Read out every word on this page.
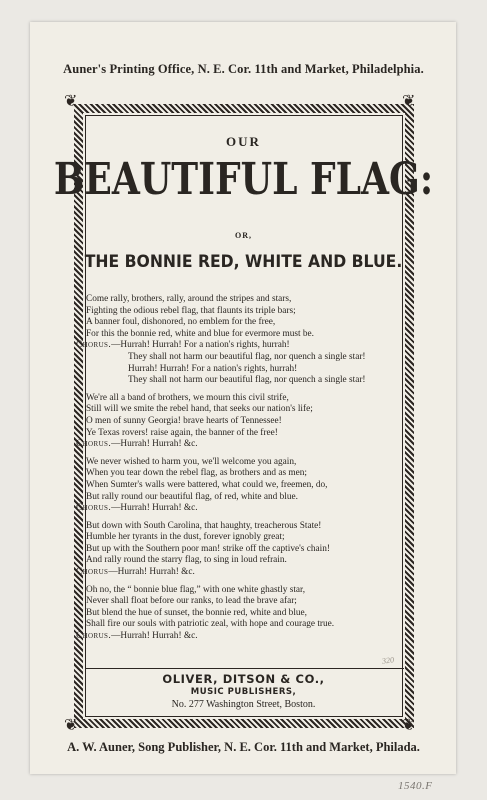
Auner's Printing Office, N. E. Cor. 11th and Market, Philadelphia.
❦	❦
❦	❦
OUR
BEAUTIFUL FLAG:
OR,
THE BONNIE RED, WHITE AND BLUE.
Come rally, brothers, rally, around the stripes and stars,
Fighting the odious rebel flag, that flaunts its triple bars;
A banner foul, dishonored, no emblem for the free,
For this the bonnie red, white and blue for evermore must be.
Chorus.—Hurrah! Hurrah! For a nation's rights, hurrah!
They shall not harm our beautiful flag, nor quench a single star!
Hurrah! Hurrah! For a nation's rights, hurrah!
They shall not harm our beautiful flag, nor quench a single star!
We're all a band of brothers, we mourn this civil strife,
Still will we smite the rebel hand, that seeks our nation's life;
O men of sunny Georgia! brave hearts of Tennessee!
Ye Texas rovers! raise again, the banner of the free!
Chorus.—Hurrah! Hurrah! &c.
We never wished to harm you, we'll welcome you again,
When you tear down the rebel flag, as brothers and as men;
When Sumter's walls were battered, what could we, freemen, do,
But rally round our beautiful flag, of red, white and blue.
Chorus.—Hurrah! Hurrah! &c.
But down with South Carolina, that haughty, treacherous State!
Humble her tyrants in the dust, forever ignobly great;
But up with the Southern poor man! strike off the captive's chain!
And rally round the starry flag, to sing in loud refrain.
Chorus—Hurrah! Hurrah! &c.
Oh no, the “ bonnie blue flag,” with one white ghastly star,
Never shall float before our ranks, to lead the brave afar;
But blend the hue of sunset, the bonnie red, white and blue,
Shall fire our souls with patriotic zeal, with hope and courage true.
Chorus.—Hurrah! Hurrah! &c.
320
OLIVER, DITSON & CO.,
MUSIC PUBLISHERS,
No. 277 Washington Street, Boston.
A. W. Auner, Song Publisher, N. E. Cor. 11th and Market, Philada.
1540.F
